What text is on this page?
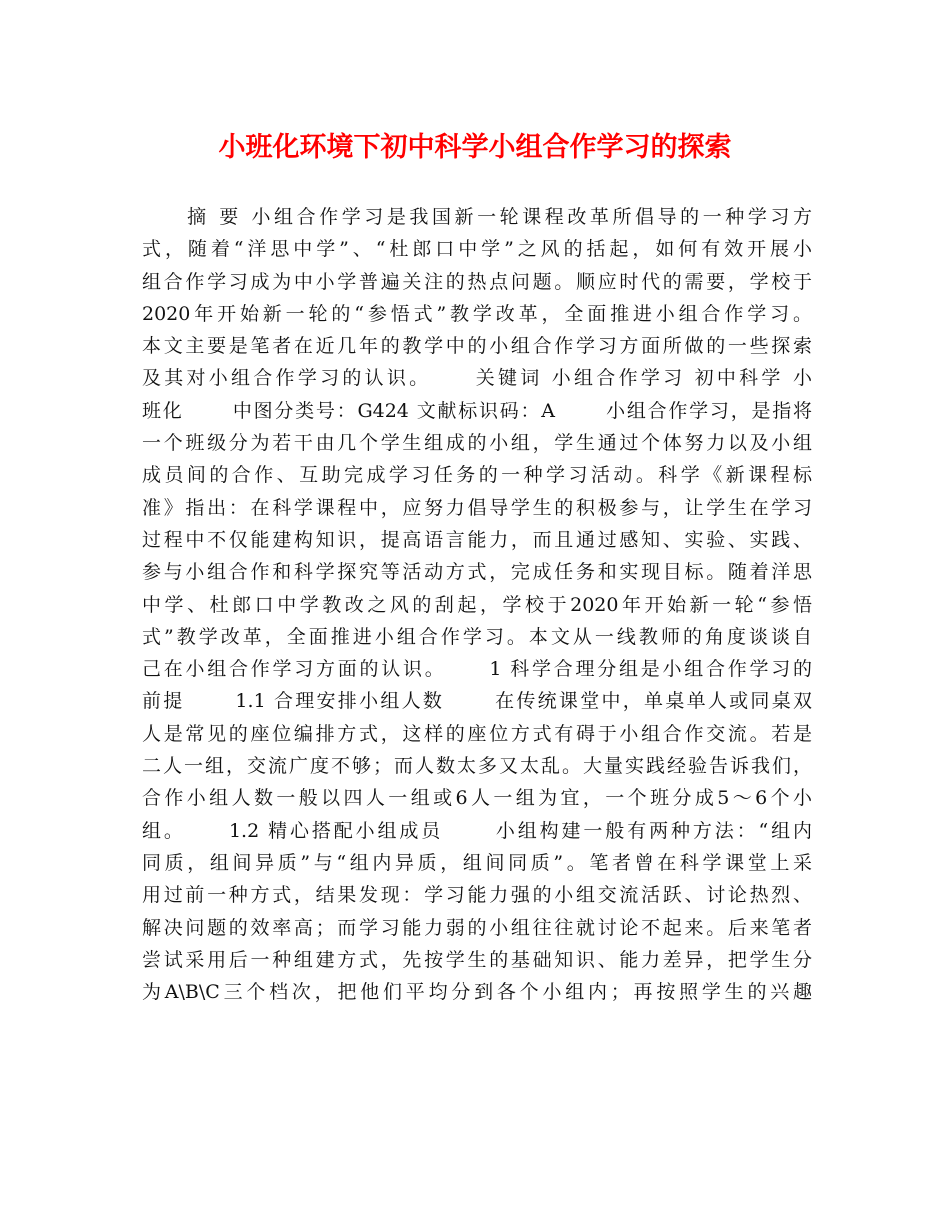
小班化环境下初中科学小组合作学习的探索
　　摘 要 小组合作学习是我国新一轮课程改革所倡导的一种学习方
式，随着“洋思中学”、“杜郎口中学”之风的括起，如何有效开展小
组合作学习成为中小学普遍关注的热点问题。顺应时代的需要，学校于
2020年开始新一轮的“参悟式”教学改革，全面推进小组合作学习。
本文主要是笔者在近几年的教学中的小组合作学习方面所做的一些探索
及其对小组合作学习的认识。　　 关键词 小组合作学习 初中科学 小
班化　　 中图分类号：G424 文献标识码：A　　 小组合作学习，是指将
一个班级分为若干由几个学生组成的小组，学生通过个体努力以及小组
成员间的合作、互助完成学习任务的一种学习活动。科学《新课程标
准》指出：在科学课程中，应努力倡导学生的积极参与，让学生在学习
过程中不仅能建构知识，提高语言能力，而且通过感知、实验、实践、
参与小组合作和科学探究等活动方式，完成任务和实现目标。随着洋思
中学、杜郎口中学教改之风的刮起，学校于2020年开始新一轮“参悟
式”教学改革，全面推进小组合作学习。本文从一线教师的角度谈谈自
己在小组合作学习方面的认识。　　 1 科学合理分组是小组合作学习的
前提　　 1.1 合理安排小组人数　　 在传统课堂中，单桌单人或同桌双
人是常见的座位编排方式，这样的座位方式有碍于小组合作交流。若是
二人一组，交流广度不够；而人数太多又太乱。大量实践经验告诉我们，
合作小组人数一般以四人一组或6人一组为宜，一个班分成5～6个小
组。　　 1.2 精心搭配小组成员　　 小组构建一般有两种方法：“组内
同质，组间异质”与“组内异质，组间同质”。笔者曾在科学课堂上采
用过前一种方式，结果发现：学习能力强的小组交流活跃、讨论热烈、
解决问题的效率高；而学习能力弱的小组往往就讨论不起来。后来笔者
尝试采用后一种组建方式，先按学生的基础知识、能力差异，把学生分
为A\B\C三个档次，把他们平均分到各个小组内；再按照学生的兴趣
